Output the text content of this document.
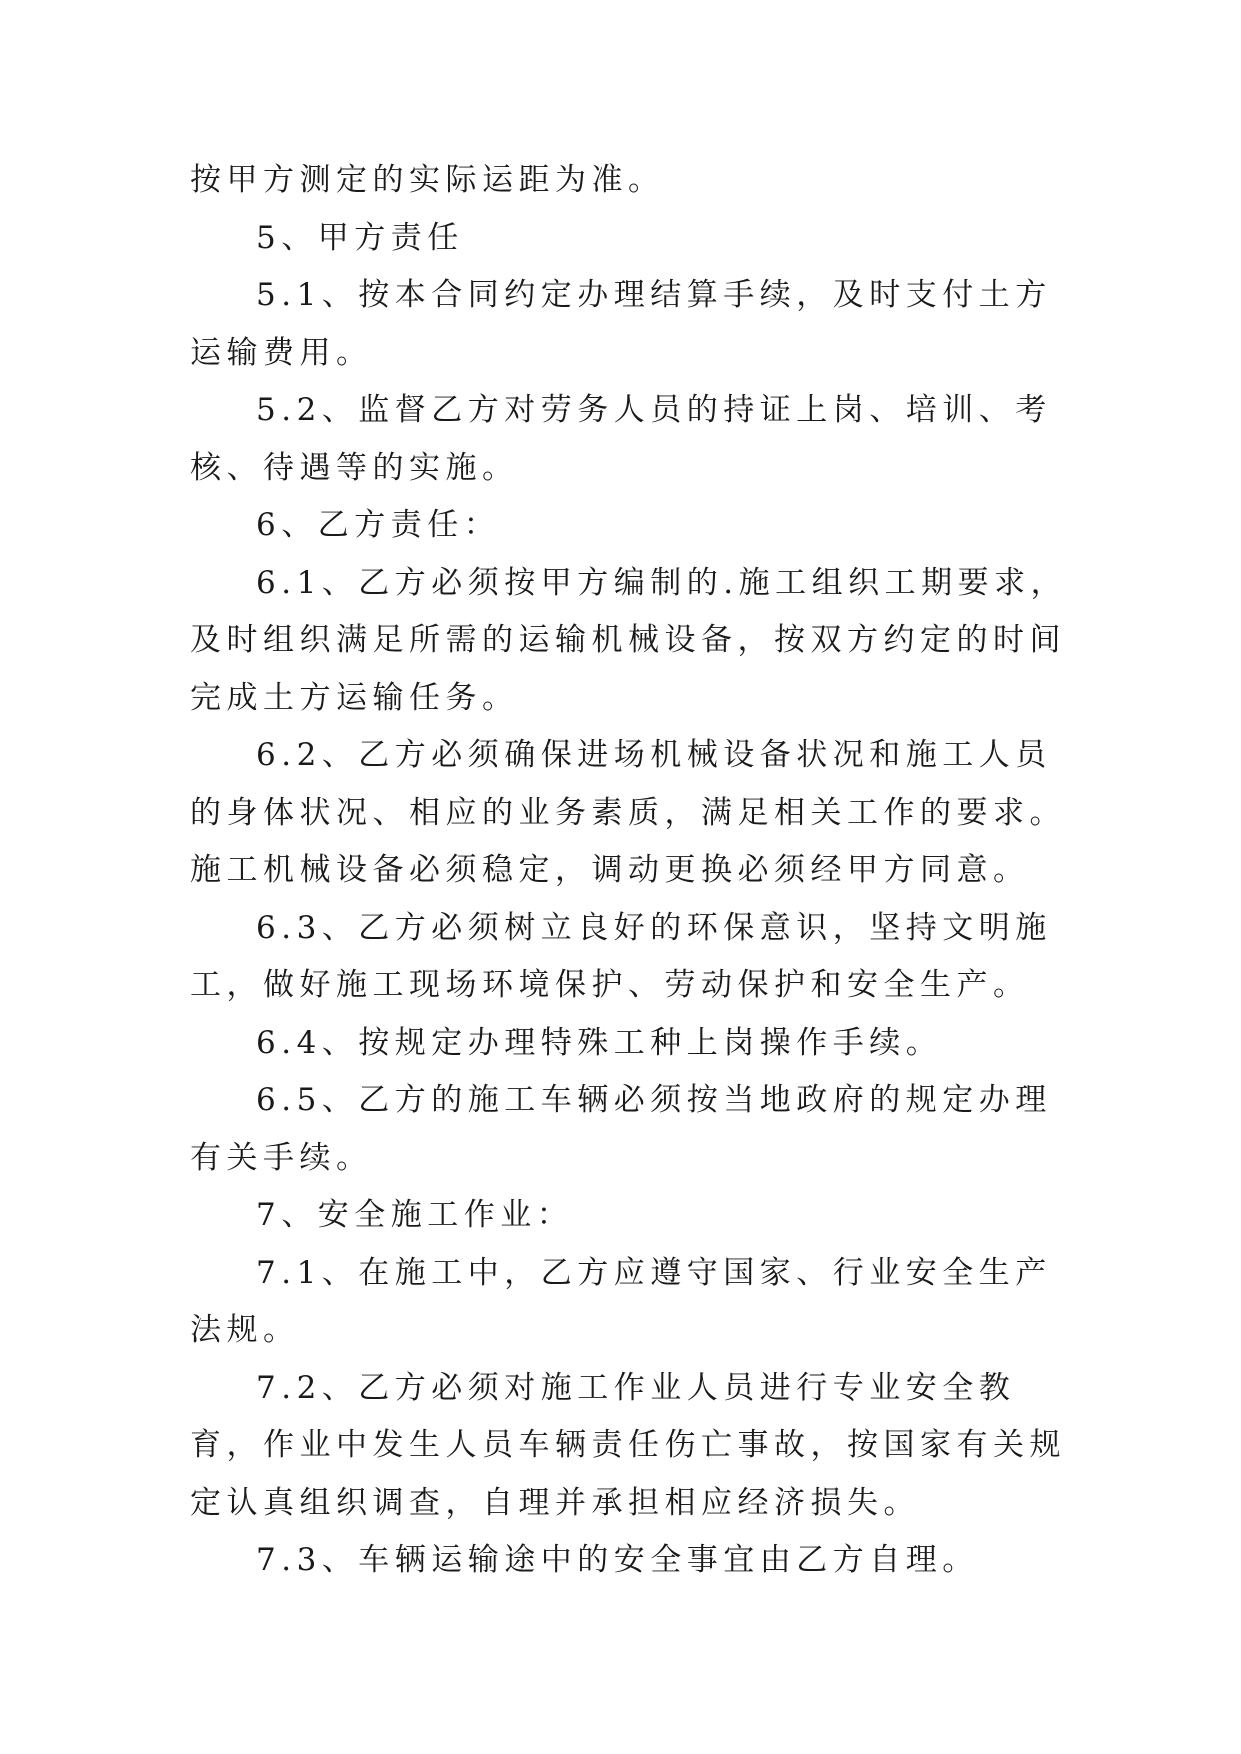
按甲方测定的实际运距为准。

5、甲方责任

5.1、按本合同约定办理结算手续，及时支付土方运输费用。

5.2、监督乙方对劳务人员的持证上岗、培训、考核、待遇等的实施。

6、乙方责任：

6.1、乙方必须按甲方编制的.施工组织工期要求，及时组织满足所需的运输机械设备，按双方约定的时间完成土方运输任务。

6.2、乙方必须确保进场机械设备状况和施工人员的身体状况、相应的业务素质，满足相关工作的要求。施工机械设备必须稳定，调动更换必须经甲方同意。

6.3、乙方必须树立良好的环保意识，坚持文明施工，做好施工现场环境保护、劳动保护和安全生产。

6.4、按规定办理特殊工种上岗操作手续。

6.5、乙方的施工车辆必须按当地政府的规定办理有关手续。

7、安全施工作业：

7.1、在施工中，乙方应遵守国家、行业安全生产法规。

7.2、乙方必须对施工作业人员进行专业安全教育，作业中发生人员车辆责任伤亡事故，按国家有关规定认真组织调查，自理并承担相应经济损失。

7.3、车辆运输途中的安全事宜由乙方自理。
